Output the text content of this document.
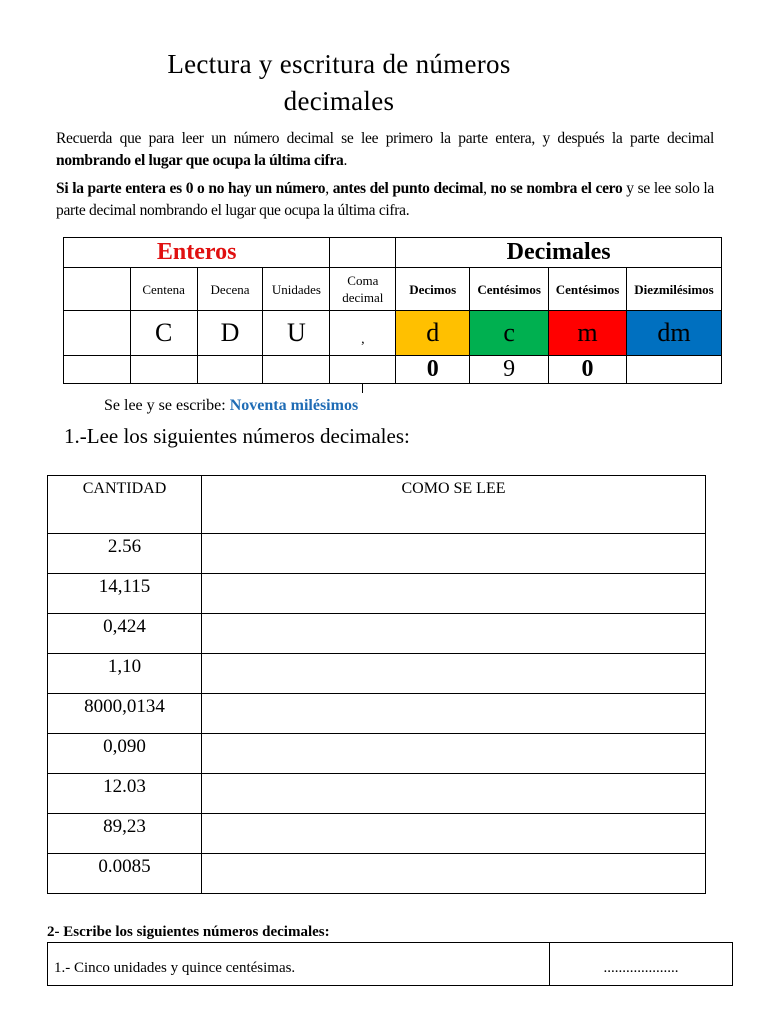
Lectura y escritura de números
decimales
Recuerda que para leer un número decimal se lee primero la parte entera, y después la parte decimal nombrando el lugar que ocupa la última cifra.
Si la parte entera es 0 o no hay un número, antes del punto decimal, no se nombra el cero y se lee solo la parte decimal nombrando el lugar que ocupa la última cifra.
Enteros					Decimales			
	Centena	Decena	Unidades	Coma decimal	Decimos	Centésimos	Centésimos	Diezmilésimos
	C	D	U	,	d	c	m	dm
					0	9	0	
Se lee y se escribe: Noventa milésimos
1.-Lee los siguientes números decimales:
CANTIDAD	COMO SE LEE
2.56	
14,115	
0,424	
1,10	
8000,0134	
0,090	
12.03	
89,23	
0.0085	
2- Escribe los siguientes números decimales:
1.- Cinco unidades y quince centésimas.	....................
